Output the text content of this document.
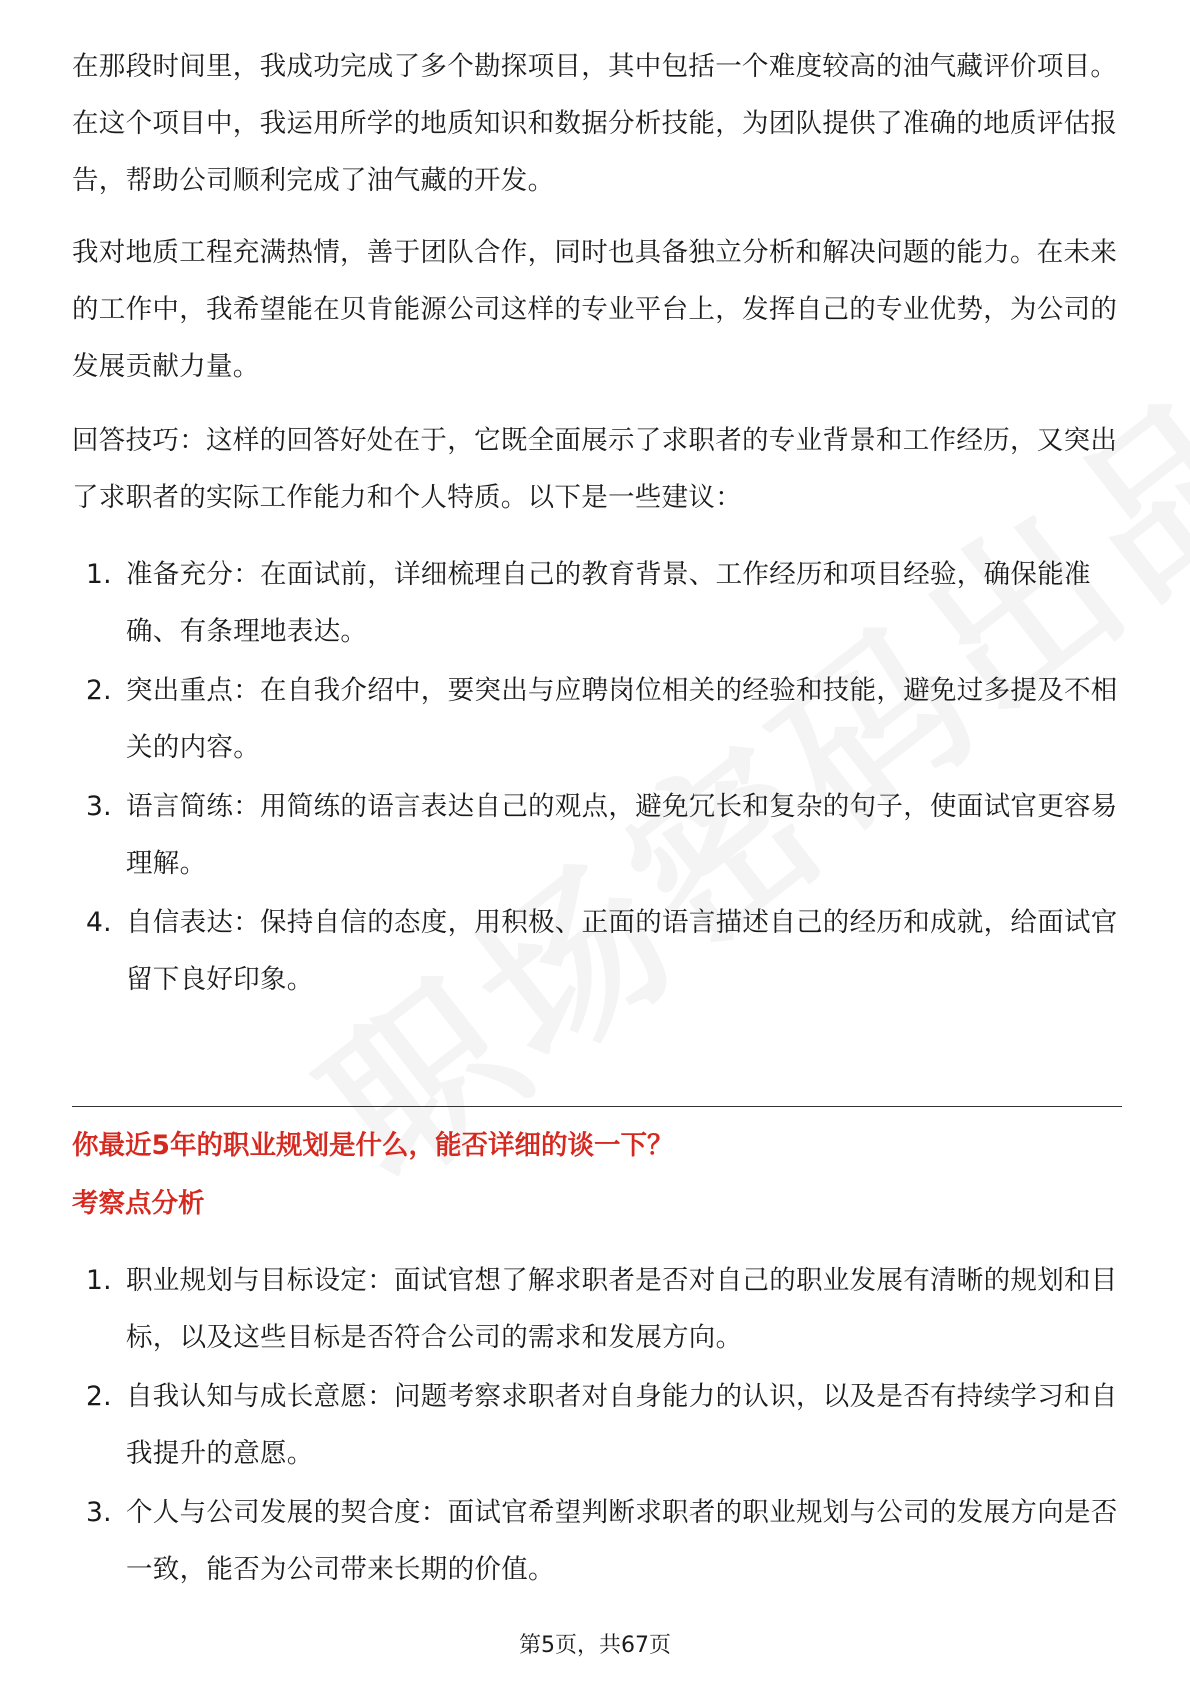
在那段时间里，我成功完成了多个勘探项目，其中包括一个难度较高的油气藏评价项目。在这个项目中，我运用所学的地质知识和数据分析技能，为团队提供了准确的地质评估报告，帮助公司顺利完成了油气藏的开发。

我对地质工程充满热情，善于团队合作，同时也具备独立分析和解决问题的能力。在未来的工作中，我希望能在贝肯能源公司这样的专业平台上，发挥自己的专业优势，为公司的发展贡献力量。

回答技巧：这样的回答好处在于，它既全面展示了求职者的专业背景和工作经历，又突出了求职者的实际工作能力和个人特质。以下是一些建议：

1. 准备充分：在面试前，详细梳理自己的教育背景、工作经历和项目经验，确保能准确、有条理地表达。
2. 突出重点：在自我介绍中，要突出与应聘岗位相关的经验和技能，避免过多提及不相关的内容。
3. 语言简练：用简练的语言表达自己的观点，避免冗长和复杂的句子，使面试官更容易理解。
4. 自信表达：保持自信的态度，用积极、正面的语言描述自己的经历和成就，给面试官留下良好印象。
你最近5年的职业规划是什么，能否详细的谈一下？
考察点分析
1. 职业规划与目标设定：面试官想了解求职者是否对自己的职业发展有清晰的规划和目标，以及这些目标是否符合公司的需求和发展方向。
2. 自我认知与成长意愿：问题考察求职者对自身能力的认识，以及是否有持续学习和自我提升的意愿。
3. 个人与公司发展的契合度：面试官希望判断求职者的职业规划与公司的发展方向是否一致，能否为公司带来长期的价值。
第5页，共67页
